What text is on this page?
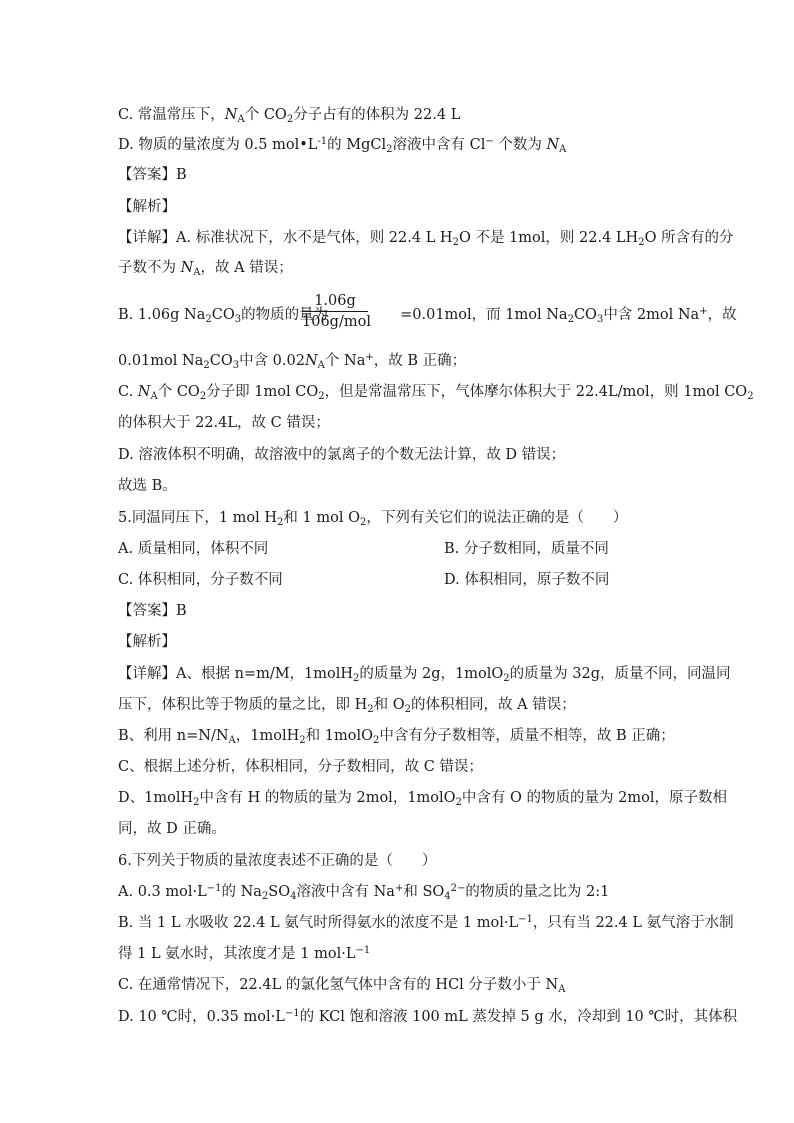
C. 常温常压下，$N_A$个 $CO_2$分子占有的体积为 22.4 L
D. 物质的量浓度为 0.5 $mol•L^{-1}$的 MgCl$_2$溶液中含有 Cl− 个数为 $N_A$
【答案】B
【解析】
【详解】A. 标准状况下，水不是气体，则 22.4 L $H_2O$ 不是 1mol，则 22.4 $LH_2O$ 所含有的分
子数不为 $N_A$，故 A 错误；
B. 1.06g $Na_2CO_3$的物质的量为	=0.01mol，而 1mol $Na_2CO_3$中含 2mol Na+，故
1.06g
106g/mol
0.01mol $Na_2CO_3$中含 $0.02N_A$个 Na+，故 B 正确；
C. $N_A$个 $CO_2$分子即 1mol $CO_2$，但是常温常压下，气体摩尔体积大于 22.4L/mol，则 1mol $CO_2$
的体积大于 22.4L，故 C 错误；
D. 溶液体积不明确，故溶液中的氯离子的个数无法计算，故 D 错误；
故选 B。
5.同温同压下，1 mol $H_2$和 1 mol $O_2$，下列有关它们的说法正确的是（　　）
A. 质量相同，体积不同	B. 分子数相同，质量不同
C. 体积相同，分子数不同	D. 体积相同，原子数不同
【答案】B
【解析】
【详解】A、根据 n=m/M，1molH$_2$的质量为 2g，1molO$_2$的质量为 32g，质量不同，同温同
压下，体积比等于物质的量之比，即 $H_2$和 $O_2$的体积相同，故 A 错误；
B、利用 $n=N/N_A$，1molH$_2$和 1molO$_2$中含有分子数相等，质量不相等，故 B 正确；
C、根据上述分析，体积相同，分子数相同，故 C 错误；
D、1molH$_2$中含有 H 的物质的量为 2mol，1molO$_2$中含有 O 的物质的量为 2mol，原子数相
同，故 D 正确。
6.下列关于物质的量浓度表述不正确的是（　　）
A. 0.3 $mol\cdot L^{-1}$的 $Na_2SO_4$溶液中含有 Na+和 $SO_4^{2-}$的物质的量之比为 2:1
B. 当 1 L 水吸收 22.4 L 氨气时所得氨水的浓度不是 1 $mol\cdot L^{-1}$，只有当 22.4 L 氨气溶于水制
得 1 L 氨水时，其浓度才是 1 $mol\cdot L^{-1}$
C. 在通常情况下，22.4L 的氯化氢气体中含有的 HCl 分子数小于 $N_A$
D. 10 ℃时，0.35 $mol\cdot L^{-1}$的 KCl 饱和溶液 100 mL 蒸发掉 5 g 水，冷却到 10 ℃时，其体积
